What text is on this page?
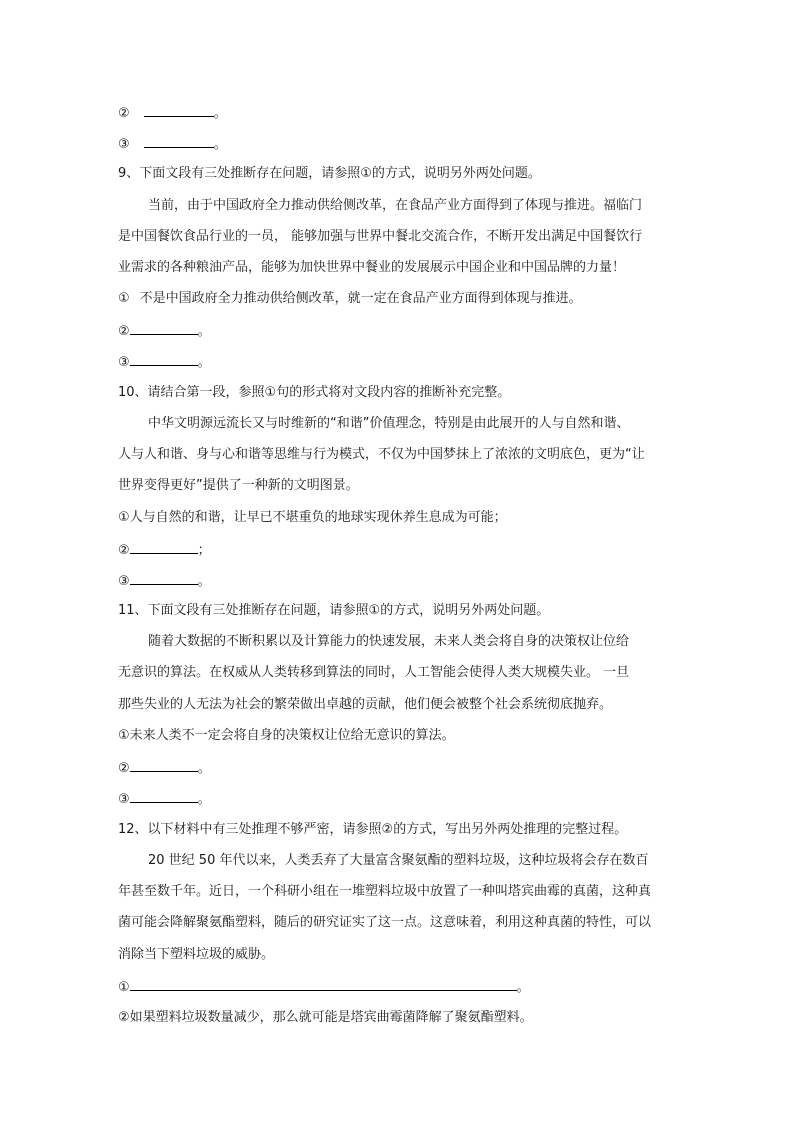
②	。
③	。
9、下面文段有三处推断存在问题，请参照①的方式，说明另外两处问题。
当前，由于中国政府全力推动供给侧改革，在食品产业方面得到了体现与推进。福临门
是中国餐饮食品行业的一员， 能够加强与世界中餐北交流合作，不断开发出满足中国餐饮行
业需求的各种粮油产品，能够为加快世界中餐业的发展展示中国企业和中国品牌的力量！
① 不是中国政府全力推动供给侧改革，就一定在食品产业方面得到体现与推进。
②	。
③	。
10、请结合第一段，参照①句的形式将对文段内容的推断补充完整。
中华文明源远流长又与时维新的“和谐”价值理念，特别是由此展开的人与自然和谐、
人与人和谐、身与心和谐等思维与行为模式，不仅为中国梦抹上了浓浓的文明底色，更为“让
世界变得更好”提供了一种新的文明图景。
①人与自然的和谐，让早已不堪重负的地球实现休养生息成为可能；
②	；
③	。
11、下面文段有三处推断存在问题，请参照①的方式，说明另外两处问题。
随着大数据的不断积累以及计算能力的快速发展，未来人类会将自身的决策权让位给
无意识的算法。在权威从人类转移到算法的同时，人工智能会使得人类大规模失业。 一旦
那些失业的人无法为社会的繁荣做出卓越的贡献，他们便会被整个社会系统彻底抛弃。
①未来人类不一定会将自身的决策权让位给无意识的算法。
②	。
③	。
12、以下材料中有三处推理不够严密，请参照②的方式，写出另外两处推理的完整过程。
20 世纪 50 年代以来，人类丢弃了大量富含聚氨酯的塑料垃圾，这种垃圾将会存在数百
年甚至数千年。近日，一个科研小组在一堆塑料垃圾中放置了一种叫塔宾曲霉的真菌，这种真
菌可能会降解聚氨酯塑料，随后的研究证实了这一点。这意味着，利用这种真菌的特性，可以
消除当下塑料垃圾的威胁。
①	。
②如果塑料垃圾数量减少，那么就可能是塔宾曲霉菌降解了聚氨酯塑料。
